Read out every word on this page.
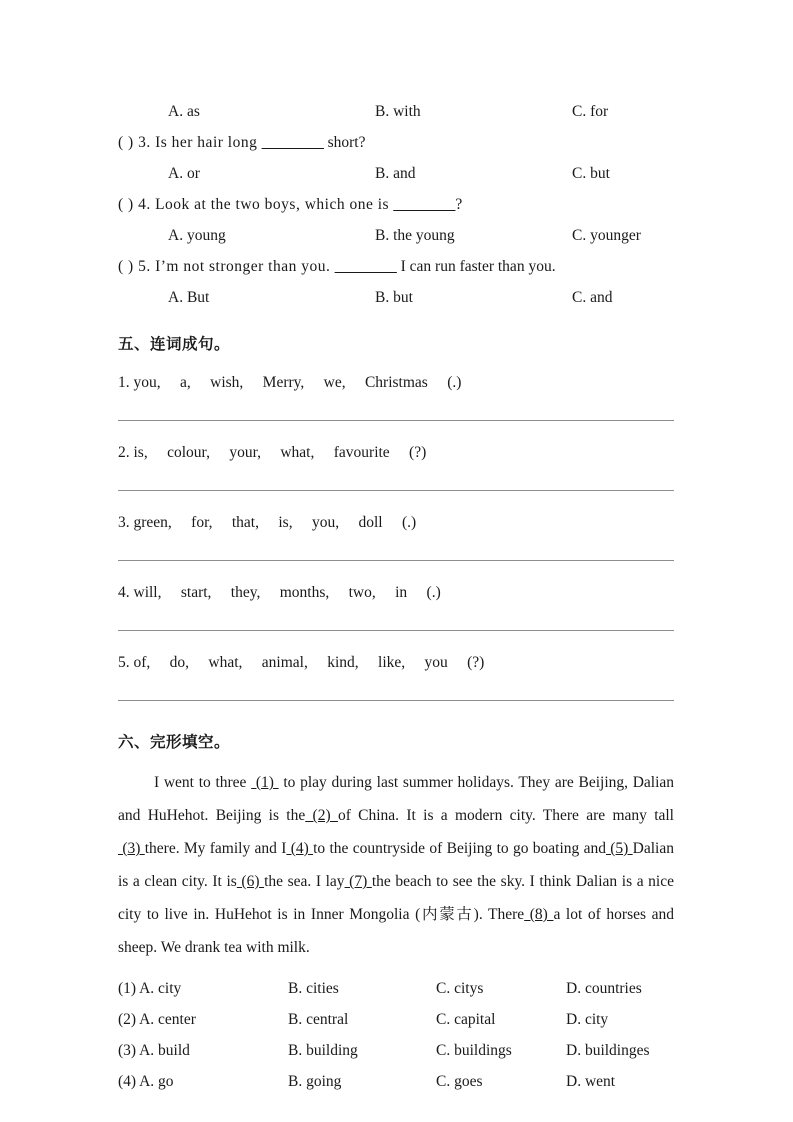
A. as	B. with	C. for
( ) 3. Is her hair long ________ short?
A. or	B. and	C. but
( ) 4. Look at the two boys, which one is ________?
A. young	B. the young	C. younger
( ) 5. I’m not stronger than you. ________ I can run faster than you.
A. But	B. but	C. and
五、连词成句。
1. you,     a,     wish,     Merry,     we,     Christmas     (.)
2. is,     colour,     your,     what,     favourite     (?)
3. green,     for,     that,     is,     you,     doll     (.)
4. will,     start,     they,     months,     two,     in     (.)
5. of,     do,     what,     animal,     kind,     like,     you     (?)
六、完形填空。
I went to three  (1)  to play during last summer holidays. They are Beijing, Dalian and HuHehot. Beijing is the (2) of China. It is a modern city. There are many tall (3) there. My family and I (4) to the countryside of Beijing to go boating and (5) Dalian is a clean city. It is (6) the sea. I lay (7) the beach to see the sky. I think Dalian is a nice city to live in. HuHehot is in Inner Mongolia (内蒙古). There (8) a lot of horses and sheep. We drank tea with milk.
(1) A. city	B. cities	C. citys	D. countries
(2) A. center	B. central	C. capital	D. city
(3) A. build	B. building	C. buildings	D. buildinges
(4) A. go	B. going	C. goes	D. went
